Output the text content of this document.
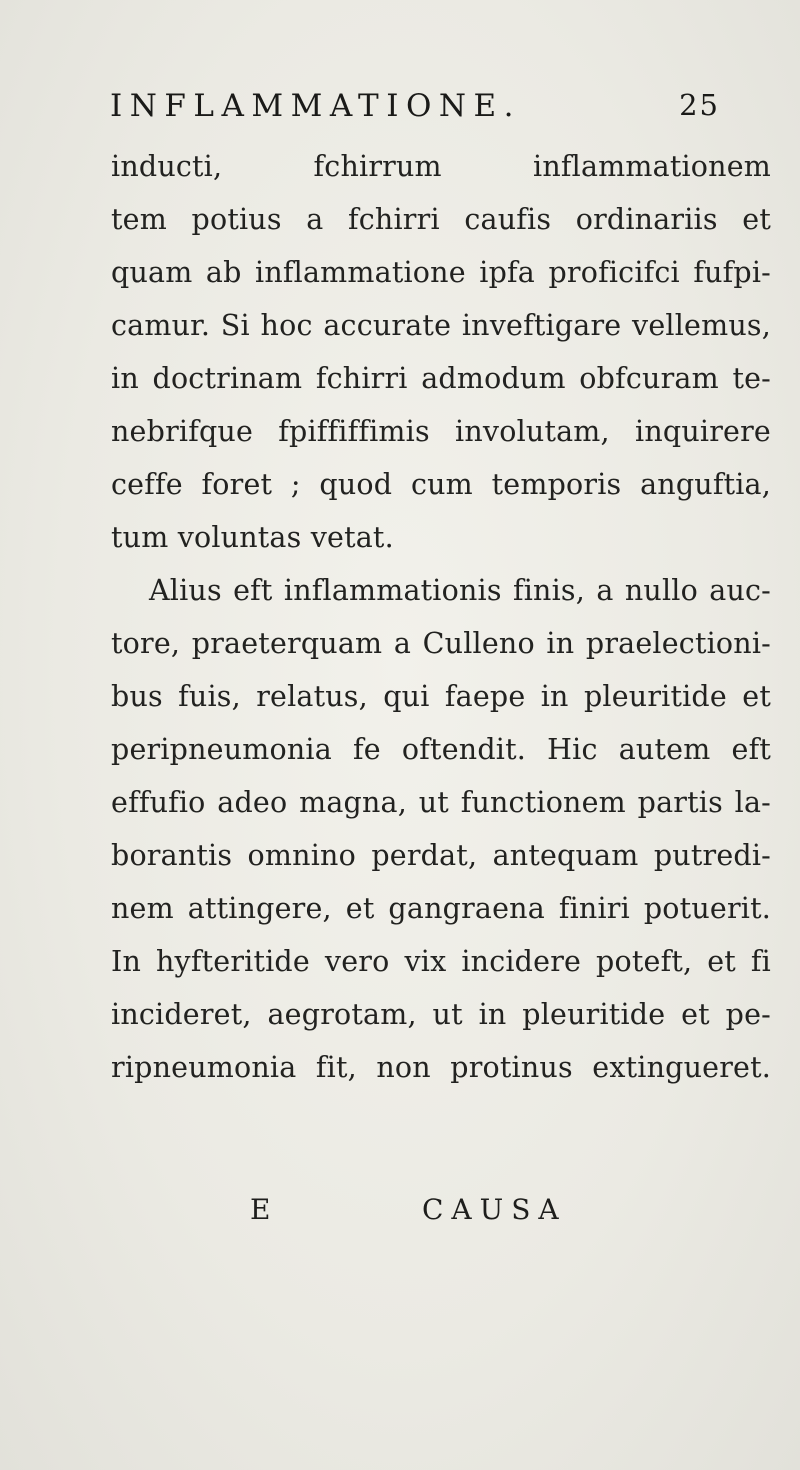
INFLAMMATIONE.	25
inducti, fchirrum inflammationem
tem potius a fchirri caufis ordinariis et
quam ab inflammatione ipfa proficifci fufpi-
camur. Si hoc accurate inveftigare vellemus,
in doctrinam fchirri admodum obfcuram te-
nebrifque fpiffiffimis involutam, inquirere
ceffe foret ; quod cum temporis anguftia,
tum voluntas vetat.
Alius eft inflammationis finis, a nullo auc-
tore, praeterquam a Culleno in praelectioni-
bus fuis, relatus, qui faepe in pleuritide et
peripneumonia fe oftendit. Hic autem eft
effufio adeo magna, ut functionem partis la-
borantis omnino perdat, antequam putredi-
nem attingere, et gangraena finiri potuerit.
In hyfteritide vero vix incidere poteft, et fi
incideret, aegrotam, ut in pleuritide et pe-
ripneumonia fit, non protinus extingueret.
E	CAUSA
